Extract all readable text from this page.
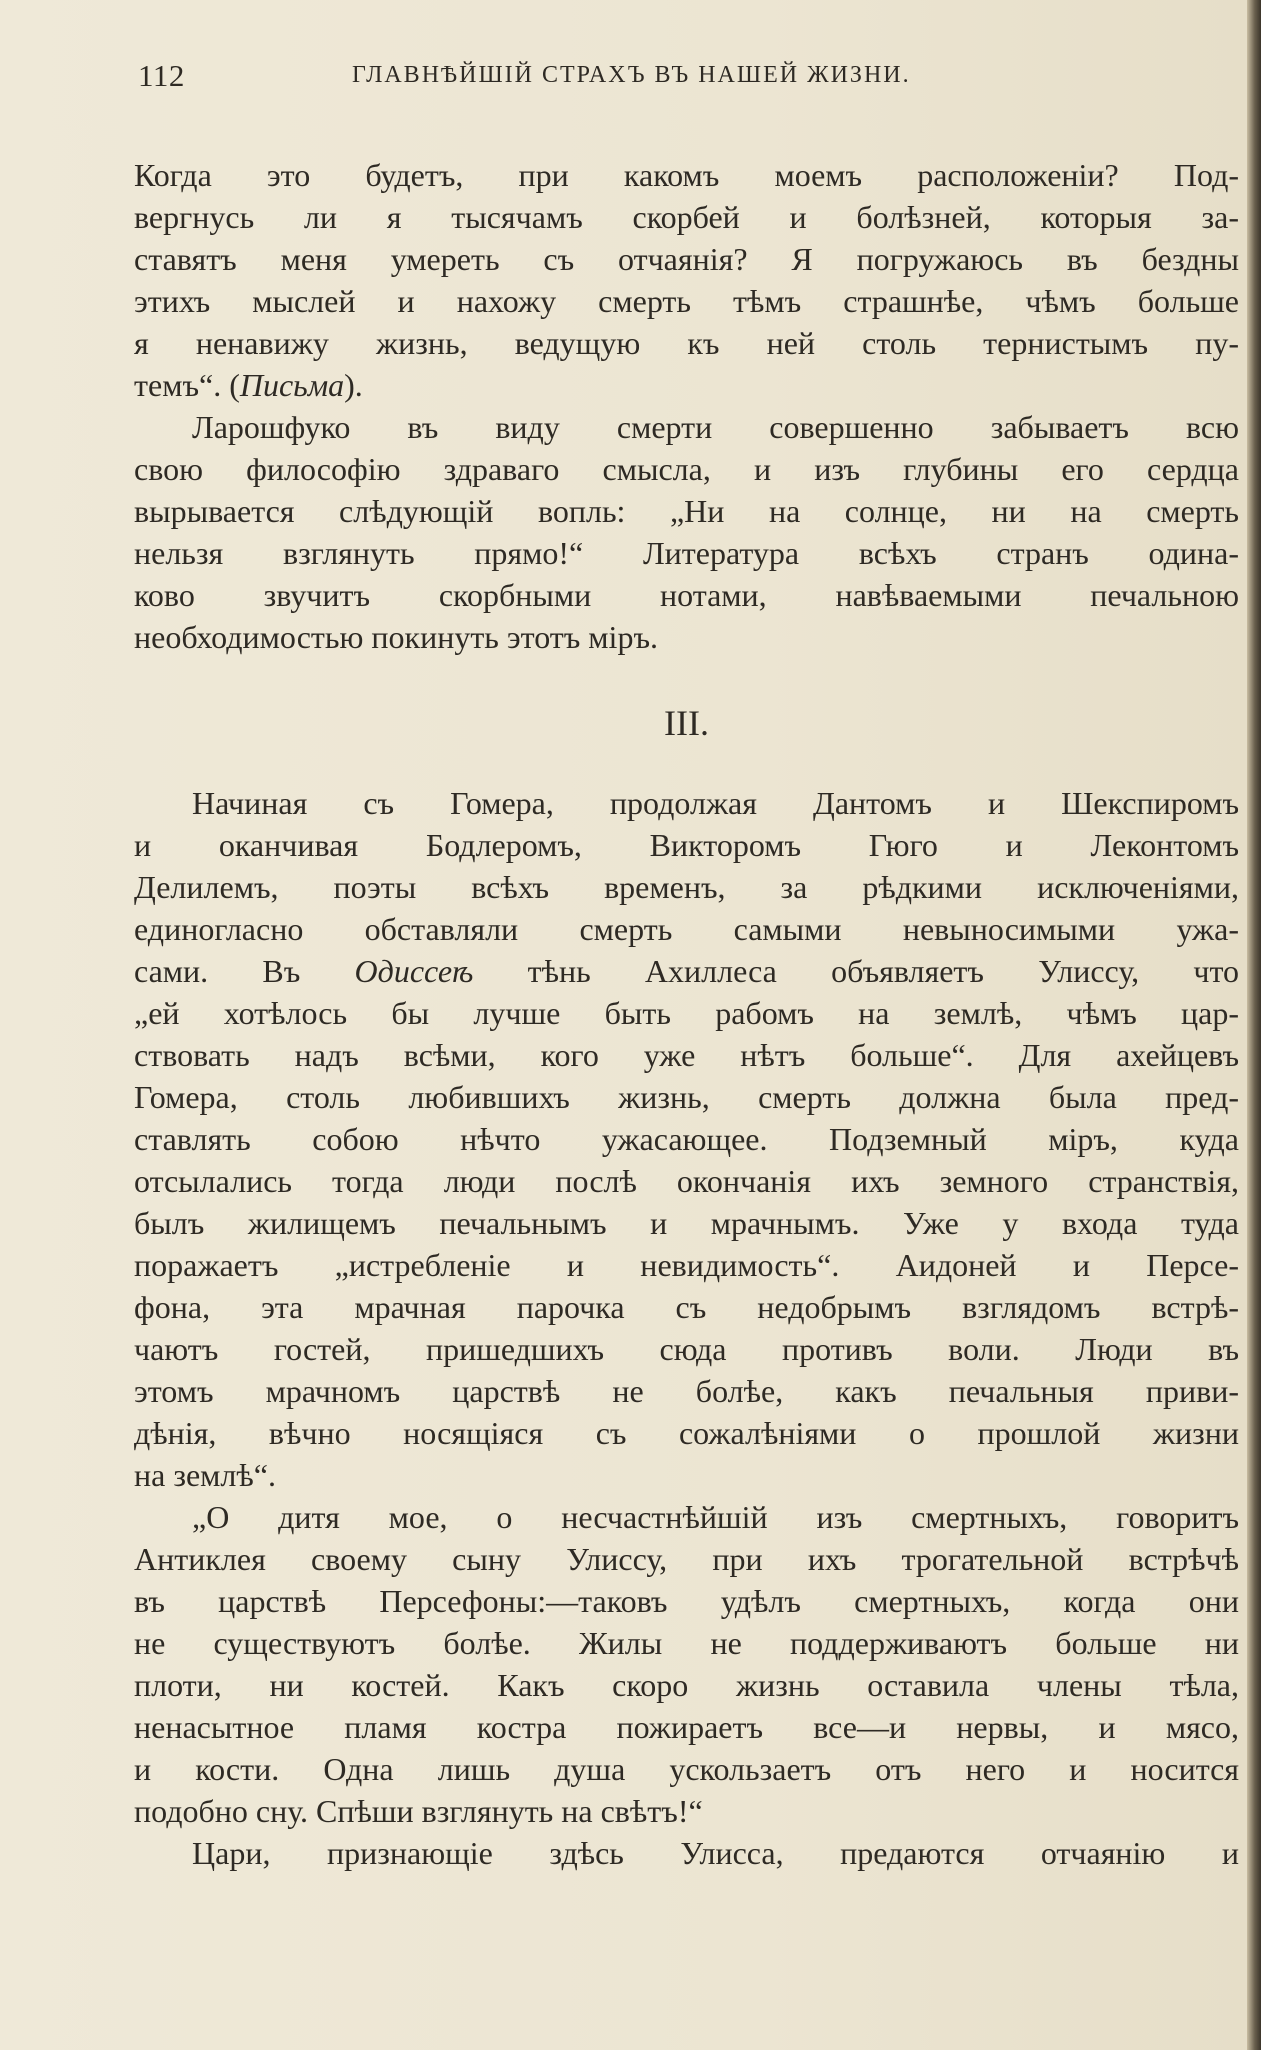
112	ГЛАВНѢЙШІЙ СТРАХЪ ВЪ НАШЕЙ ЖИЗНИ.
Когда это будетъ, при какомъ моемъ расположеніи? Под-
вергнусь ли я тысячамъ скорбей и болѣзней, которыя за-
ставятъ меня умереть съ отчаянія? Я погружаюсь въ бездны
этихъ мыслей и нахожу смерть тѣмъ страшнѣе, чѣмъ больше
я ненавижу жизнь, ведущую къ ней столь тернистымъ пу-
темъ“. (Письма).
Ларошфуко въ виду смерти совершенно забываетъ всю
свою философію здраваго смысла, и изъ глубины его сердца
вырывается слѣдующій вопль: „Ни на солнце, ни на смерть
нельзя взглянуть прямо!“ Литература всѣхъ странъ одина-
ково звучитъ скорбными нотами, навѣваемыми печальною
необходимостью покинуть этотъ міръ.
III.
Начиная съ Гомера, продолжая Дантомъ и Шекспиромъ
и оканчивая Бодлеромъ, Викторомъ Гюго и Леконтомъ
Делилемъ, поэты всѣхъ временъ, за рѣдкими исключеніями,
единогласно обставляли смерть самыми невыносимыми ужа-
сами. Въ Одиссеѣ тѣнь Ахиллеса объявляетъ Улиссу, что
„ей хотѣлось бы лучше быть рабомъ на землѣ, чѣмъ цар-
ствовать надъ всѣми, кого уже нѣтъ больше“. Для ахейцевъ
Гомера, столь любившихъ жизнь, смерть должна была пред-
ставлять собою нѣчто ужасающее. Подземный міръ, куда
отсылались тогда люди послѣ окончанія ихъ земного странствія,
былъ жилищемъ печальнымъ и мрачнымъ. Уже у входа туда
поражаетъ „истребленіе и невидимость“. Аидоней и Персе-
фона, эта мрачная парочка съ недобрымъ взглядомъ встрѣ-
чаютъ гостей, пришедшихъ сюда противъ воли. Люди въ
этомъ мрачномъ царствѣ не болѣе, какъ печальныя приви-
дѣнія, вѣчно носящіяся съ сожалѣніями о прошлой жизни
на землѣ“.
„О дитя мое, о несчастнѣйшій изъ смертныхъ, говоритъ
Антиклея своему сыну Улиссу, при ихъ трогательной встрѣчѣ
въ царствѣ Персефоны:—таковъ удѣлъ смертныхъ, когда они
не существуютъ болѣе. Жилы не поддерживаютъ больше ни
плоти, ни костей. Какъ скоро жизнь оставила члены тѣла,
ненасытное пламя костра пожираетъ все—и нервы, и мясо,
и кости. Одна лишь душа ускользаетъ отъ него и носится
подобно сну. Спѣши взглянуть на свѣтъ!“
Цари, признающіе здѣсь Улисса, предаются отчаянію и
